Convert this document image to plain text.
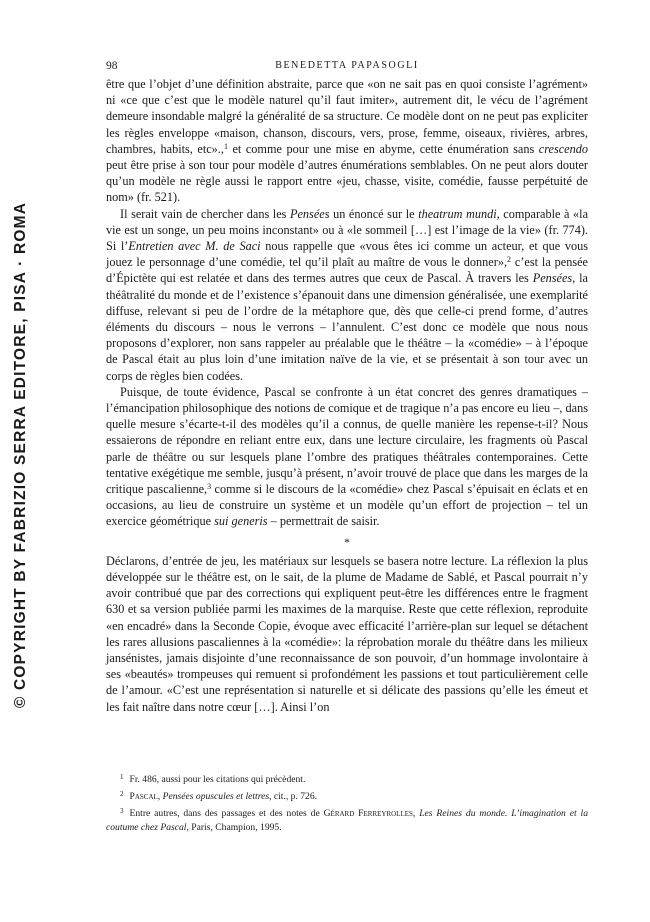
© COPYRIGHT BY FABRIZIO SERRA EDITORE, PISA · ROMA
98	BENEDETTA PAPASOGLI

être que l’objet d’une définition abstraite, parce que «on ne sait pas en quoi consiste l’agrément» ni «ce que c’est que le modèle naturel qu’il faut imiter», autrement dit, le vécu de l’agrément demeure insondable malgré la généralité de sa structure. Ce modèle dont on ne peut pas expliciter les règles enveloppe «maison, chanson, discours, vers, prose, femme, oiseaux, rivières, arbres, chambres, habits, etc».,$^1$ et comme pour une mise en abyme, cette énumération sans crescendo peut être prise à son tour pour modèle d’autres énumérations semblables. On ne peut alors douter qu’un modèle ne règle aussi le rapport entre «jeu, chasse, visite, comédie, fausse perpétuité de nom» (fr. 521).

Il serait vain de chercher dans les Pensées un énoncé sur le theatrum mundi, comparable à «la vie est un songe, un peu moins inconstant» ou à «le sommeil […] est l’image de la vie» (fr. 774). Si l’Entretien avec M. de Saci nous rappelle que «vous êtes ici comme un acteur, et que vous jouez le personnage d’une comédie, tel qu’il plaît au maître de vous le donner»,$^2$ c’est la pensée d’Épictète qui est relatée et dans des termes autres que ceux de Pascal. À travers les Pensées, la théâtralité du monde et de l’existence s’épanouit dans une dimension généralisée, une exemplarité diffuse, relevant si peu de l’ordre de la métaphore que, dès que celle-ci prend forme, d’autres éléments du discours – nous le verrons – l’annulent. C’est donc ce modèle que nous nous proposons d’explorer, non sans rappeler au préalable que le théâtre – la «comédie» – à l’époque de Pascal était au plus loin d’une imitation naïve de la vie, et se présentait à son tour avec un corps de règles bien codées.

Puisque, de toute évidence, Pascal se confronte à un état concret des genres dramatiques – l’émancipation philosophique des notions de comique et de tragique n’a pas encore eu lieu –, dans quelle mesure s’écarte-t-il des modèles qu’il a connus, de quelle manière les repense-t-il? Nous essaierons de répondre en reliant entre eux, dans une lecture circulaire, les fragments où Pascal parle de théâtre ou sur lesquels plane l’ombre des pratiques théâtrales contemporaines. Cette tentative exégétique me semble, jusqu’à présent, n’avoir trouvé de place que dans les marges de la critique pascalienne,$^3$ comme si le discours de la «comédie» chez Pascal s’épuisait en éclats et en occasions, au lieu de construire un système et un modèle qu’un effort de projection – tel un exercice géométrique sui generis – permettrait de saisir.

*

Déclarons, d’entrée de jeu, les matériaux sur lesquels se basera notre lecture. La réflexion la plus développée sur le théâtre est, on le sait, de la plume de Madame de Sablé, et Pascal pourrait n’y avoir contribué que par des corrections qui expliquent peut-être les différences entre le fragment 630 et sa version publiée parmi les maximes de la marquise. Reste que cette réflexion, reproduite «en encadré» dans la Seconde Copie, évoque avec efficacité l’arrière-plan sur lequel se détachent les rares allusions pascaliennes à la «comédie»: la réprobation morale du théâtre dans les milieux jansénistes, jamais disjointe d’une reconnaissance de son pouvoir, d’un hommage involontaire à ses «beautés» trompeuses qui remuent si profondément les passions et tout particulièrement celle de l’amour. «C’est une représentation si naturelle et si délicate des passions qu’elle les émeut et les fait naître dans notre cœur […]. Ainsi l’on

$^1$ Fr. 486, aussi pour les citations qui précèdent.

$^2$ Pascal, Pensées opuscules et lettres, cit., p. 726.

$^3$ Entre autres, dans des passages et des notes de Gérard Ferreyrolles, Les Reines du monde. L’imagination et la coutume chez Pascal, Paris, Champion, 1995.
